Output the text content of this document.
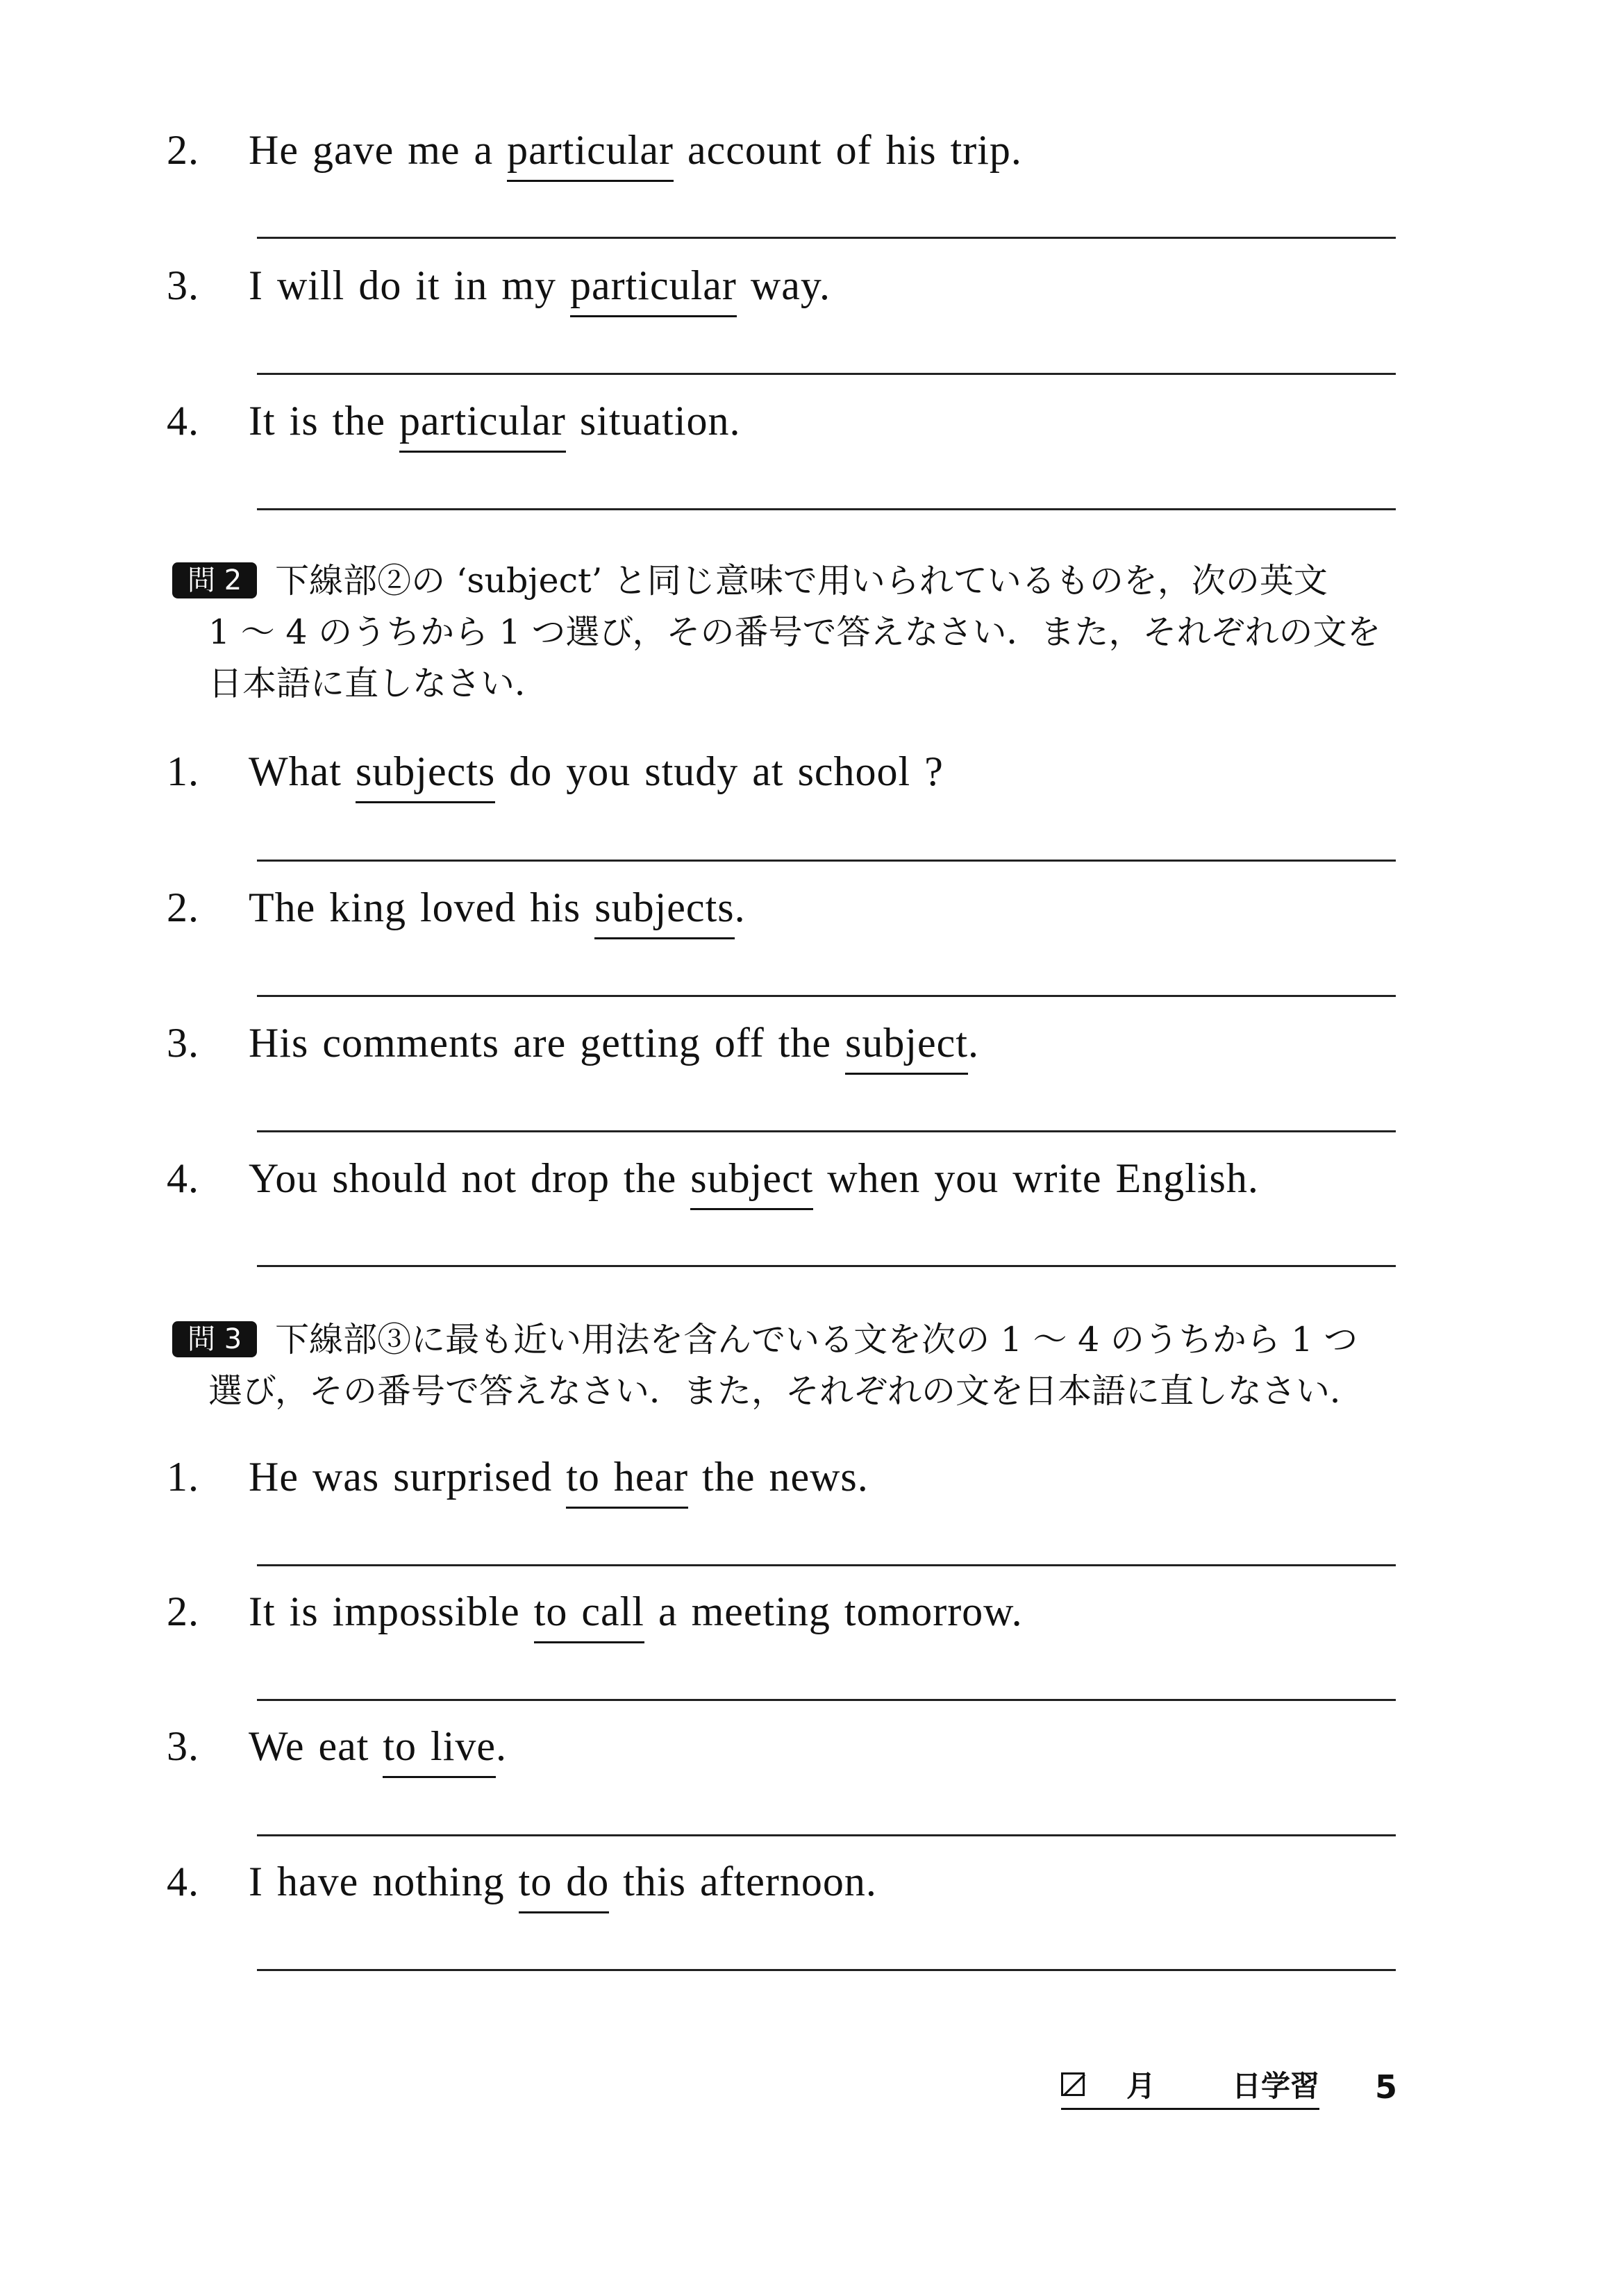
2. He gave me a particular account of his trip.
3. I will do it in my particular way.
4. It is the particular situation.
問 2 下線部②の ‘subject’ と同じ意味で用いられているものを，次の英文
1 ～ 4 のうちから 1 つ選び，その番号で答えなさい．また，それぞれの文を
日本語に直しなさい．
1. What subjects do you study at school ?
2. The king loved his subjects.
3. His comments are getting off the subject.
4. You should not drop the subject when you write English.
問 3 下線部③に最も近い用法を含んでいる文を次の 1 ～ 4 のうちから 1 つ
選び，その番号で答えなさい．また，それぞれの文を日本語に直しなさい．
1. He was surprised to hear the news.
2. It is impossible to call a meeting tomorrow.
3. We eat to live.
4. I have nothing to do this afternoon.
月	日学習 5
